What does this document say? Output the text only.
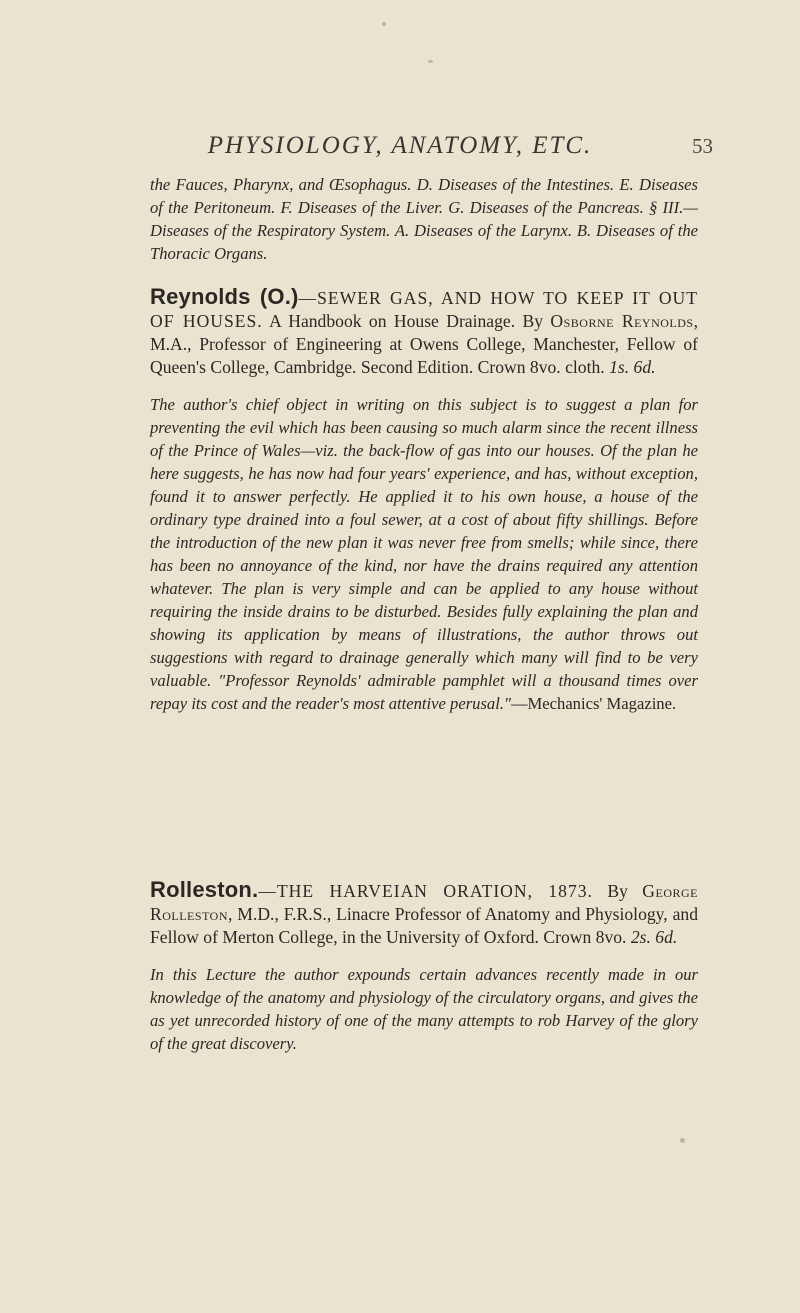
PHYSIOLOGY, ANATOMY, ETC.	53

the Fauces, Pharynx, and Œsophagus. D. Diseases of the Intestines. E. Diseases of the Peritoneum. F. Diseases of the Liver. G. Diseases of the Pancreas. § III.—Diseases of the Respiratory System. A. Diseases of the Larynx. B. Diseases of the Thoracic Organs.

Reynolds (O.)—SEWER GAS, AND HOW TO KEEP IT OUT OF HOUSES. A Handbook on House Drainage. By Osborne Reynolds, M.A., Professor of Engineering at Owens College, Manchester, Fellow of Queen's College, Cambridge. Second Edition. Crown 8vo. cloth. 1s. 6d.

The author's chief object in writing on this subject is to suggest a plan for preventing the evil which has been causing so much alarm since the recent illness of the Prince of Wales—viz. the back-flow of gas into our houses. Of the plan he here suggests, he has now had four years' experience, and has, without exception, found it to answer perfectly. He applied it to his own house, a house of the ordinary type drained into a foul sewer, at a cost of about fifty shillings. Before the introduction of the new plan it was never free from smells; while since, there has been no annoyance of the kind, nor have the drains required any attention whatever. The plan is very simple and can be applied to any house without requiring the inside drains to be disturbed. Besides fully explaining the plan and showing its application by means of illustrations, the author throws out suggestions with regard to drainage generally which many will find to be very valuable. "Professor Reynolds' admirable pamphlet will a thousand times over repay its cost and the reader's most attentive perusal."—Mechanics' Magazine.

Rolleston.—THE HARVEIAN ORATION, 1873. By George Rolleston, M.D., F.R.S., Linacre Professor of Anatomy and Physiology, and Fellow of Merton College, in the University of Oxford. Crown 8vo. 2s. 6d.

In this Lecture the author expounds certain advances recently made in our knowledge of the anatomy and physiology of the circulatory organs, and gives the as yet unrecorded history of one of the many attempts to rob Harvey of the glory of the great discovery.
